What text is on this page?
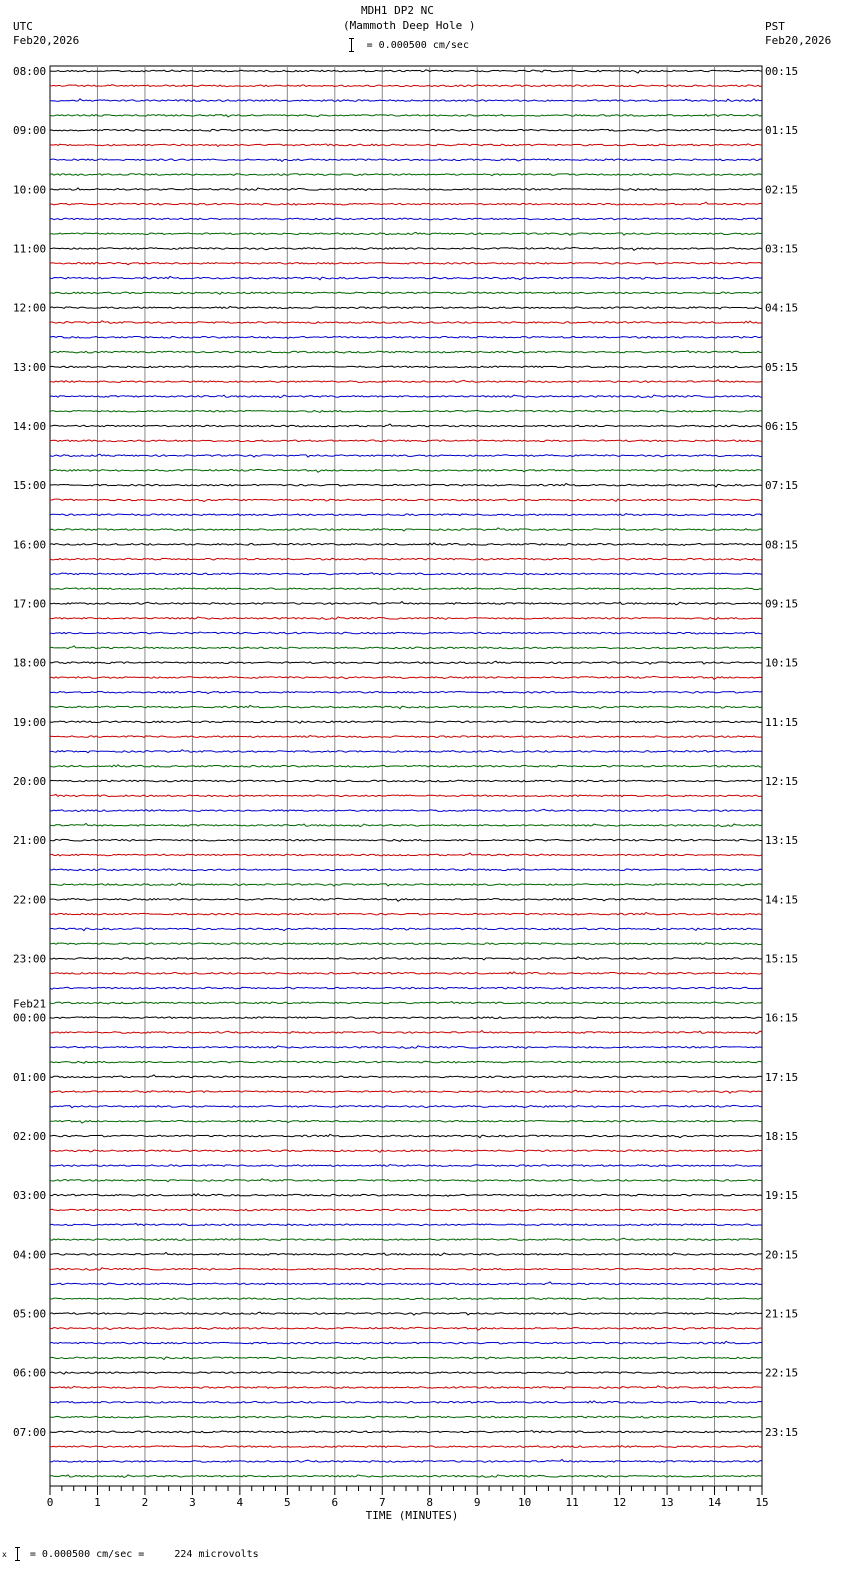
MDH1 DP2 NC
(Mammoth Deep Hole )
= 0.000500 cm/sec
UTC
Feb20,2026
PST
Feb20,2026
08:00	00:15
09:00	01:15
10:00	02:15
11:00	03:15
12:00	04:15
13:00	05:15
14:00	06:15
15:00	07:15
16:00	08:15
17:00	09:15
18:00	10:15
19:00	11:15
20:00	12:15
21:00	13:15
22:00	14:15
23:00	15:15
00:00	16:15
Feb21
01:00	17:15
02:00	18:15
03:00	19:15
04:00	20:15
05:00	21:15
06:00	22:15
07:00	23:15
0	1	2	3	4	5	6	7	8	9	10	11	12	13	14	15
TIME (MINUTES)
x = 0.000500 cm/sec =     224 microvolts
